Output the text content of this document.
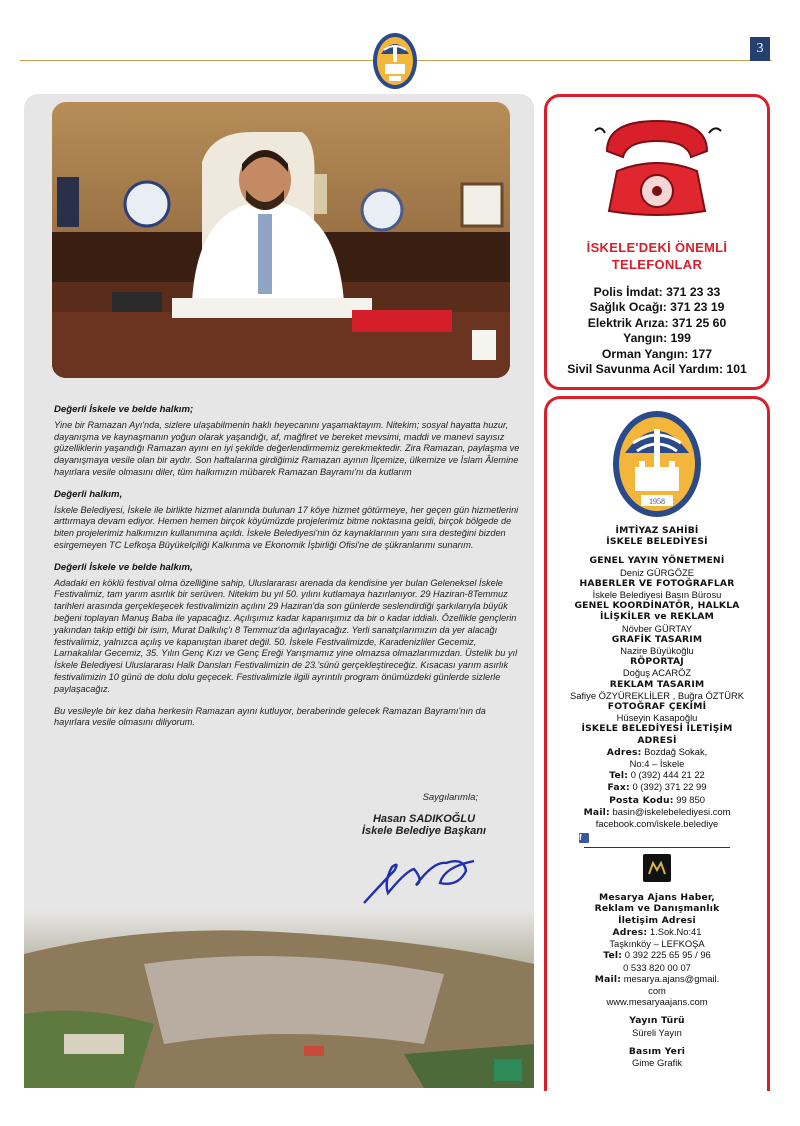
3

Değerli İskele ve belde halkım;

Yine bir Ramazan Ayı'nda, sizlere ulaşabilmenin haklı heyecanını yaşamaktayım. Nitekim; sosyal hayatta huzur, dayanışma ve kaynaşmanın yoğun olarak yaşandığı, af, mağfiret ve bereket mevsimi, maddi ve manevi sayısız güzelliklerin yaşandığı Ramazan ayını en iyi şekilde değerlendirmemiz gerekmektedir. Zira Ramazan, paylaşma ve dayanışmaya vesile olan bir aydır. Son haftalarına girdiğimiz Ramazan ayının İlçemize, ülkemize ve İslam Âlemine hayırlara vesile olmasını diler, tüm halkımızın mübarek Ramazan Bayramı'nı da kutlarım

Değerli halkım,

İskele Belediyesi, İskele ile birlikte hizmet alanında bulunan 17 köye hizmet götürmeye, her geçen gün hizmetlerini arttırmaya devam ediyor. Hemen hemen birçok köyümüzde projelerimiz bitme noktasına geldi, birçok bölgede de biten projelerimiz halkımızın kullanımına açıldı. İskele Belediyesi'nin öz kaynaklarının yanı sıra desteğini bizden esirgemeyen TC Lefkoşa Büyükelçiliği Kalkınma ve Ekonomik İşbirliği Ofisi'ne de şükranlarımı sunarım.

Değerli İskele ve belde halkım,

Adadaki en köklü festival olma özelliğine sahip, Uluslararası arenada da kendisine yer bulan Geleneksel İskele Festivalimiz, tam yarım asırlık bir serüven. Nitekim bu yıl 50. yılını kutlamaya hazırlanıyor. 29 Haziran-8Temmuz tarihleri arasında gerçekleşecek festivalimizin açılını 29 Haziran'da son günlerde seslendirdiği şarkılarıyla büyük beğeni toplayan Manuş Baba ile yapacağız. Açılışımız kadar kapanışımız da bir o kadar iddialı. Özellikle gençlerin yakından takip ettiği bir isim, Murat Dalkılıç'ı 8 Temmuz'da ağırlayacağız. Yerli sanatçılarımızın da yer alacağı festivalimiz, yalnızca açılış ve kapanıştan ibaret değil. 50. İskele Festivalimizde, Karadenizliler Gecemiz, Larnakalılar Gecemiz, 35. Yılın Genç Kızı ve Genç Ereği Yarışmamız yine olmazsa olmazlarımızdan. Üstelik bu yıl İskele Belediyesi Uluslararası Halk Dansları Festivalimizin de 23.'sünü gerçekleştireceğiz. Kısacası yarım asırlık festivalimizin 10 günü de dolu dolu geçecek. Festivalimizle ilgili ayrıntılı program önümüzdeki günlerde sizlerle paylaşacağız.

Bu vesileyle bir kez daha herkesin Ramazan ayını kutluyor, beraberinde gelecek Ramazan Bayramı'nın da hayırlara vesile olmasını diliyorum.

Saygılarımla;
Hasan SADIKOĞLU
İskele Belediye Başkanı
İSKELE'DEKİ ÖNEMLİ
TELEFONLAR
Polis İmdat: 371 23 33
Sağlık Ocağı: 371 23 19
Elektrik Arıza: 371 25 60
Yangın: 199
Orman Yangın: 177
Sivil Savunma Acil Yardım: 101
1958
İMTİYAZ SAHİBİ
İSKELE BELEDİYESİ
GENEL YAYIN YÖNETMENİ
Deniz GÜRGÖZE
HABERLER VE FOTOĞRAFLAR
İskele Belediyesi Basın Bürosu
GENEL KOORDİNATÖR, HALKLA
İLİŞKİLER ve REKLAM
Növber GÜRTAY
GRAFİK TASARIM
Nazire Büyükoğlu
RÖPORTAJ
Doğuş ACARÖZ
REKLAM TASARIM
Safiye ÖZYÜREKLİLER , Buğra ÖZTÜRK
FOTOĞRAF ÇEKİMİ
Hüseyin Kasapoğlu
İSKELE BELEDİYESİ İLETİŞİM
ADRESİ
Adres: Bozdağ Sokak,
No:4 – İskele
Tel: 0 (392) 444 21 22
Fax: 0 (392) 371 22 99
Posta Kodu: 99 850
Mail: basin@iskelebelediyesi.com
facebook.com/iskele.belediye
f
Mesarya Ajans Haber,
Reklam ve Danışmanlık
İletişim Adresi
Adres: 1.Sok.No:41
Taşkınköy – LEFKOŞA
Tel: 0 392 225 65 95 / 96
0 533 820 00 07
Mail: mesarya.ajans@gmail.
com
www.mesaryaajans.com
Yayın Türü
Süreli Yayın
Basım Yeri
Gime Grafik
